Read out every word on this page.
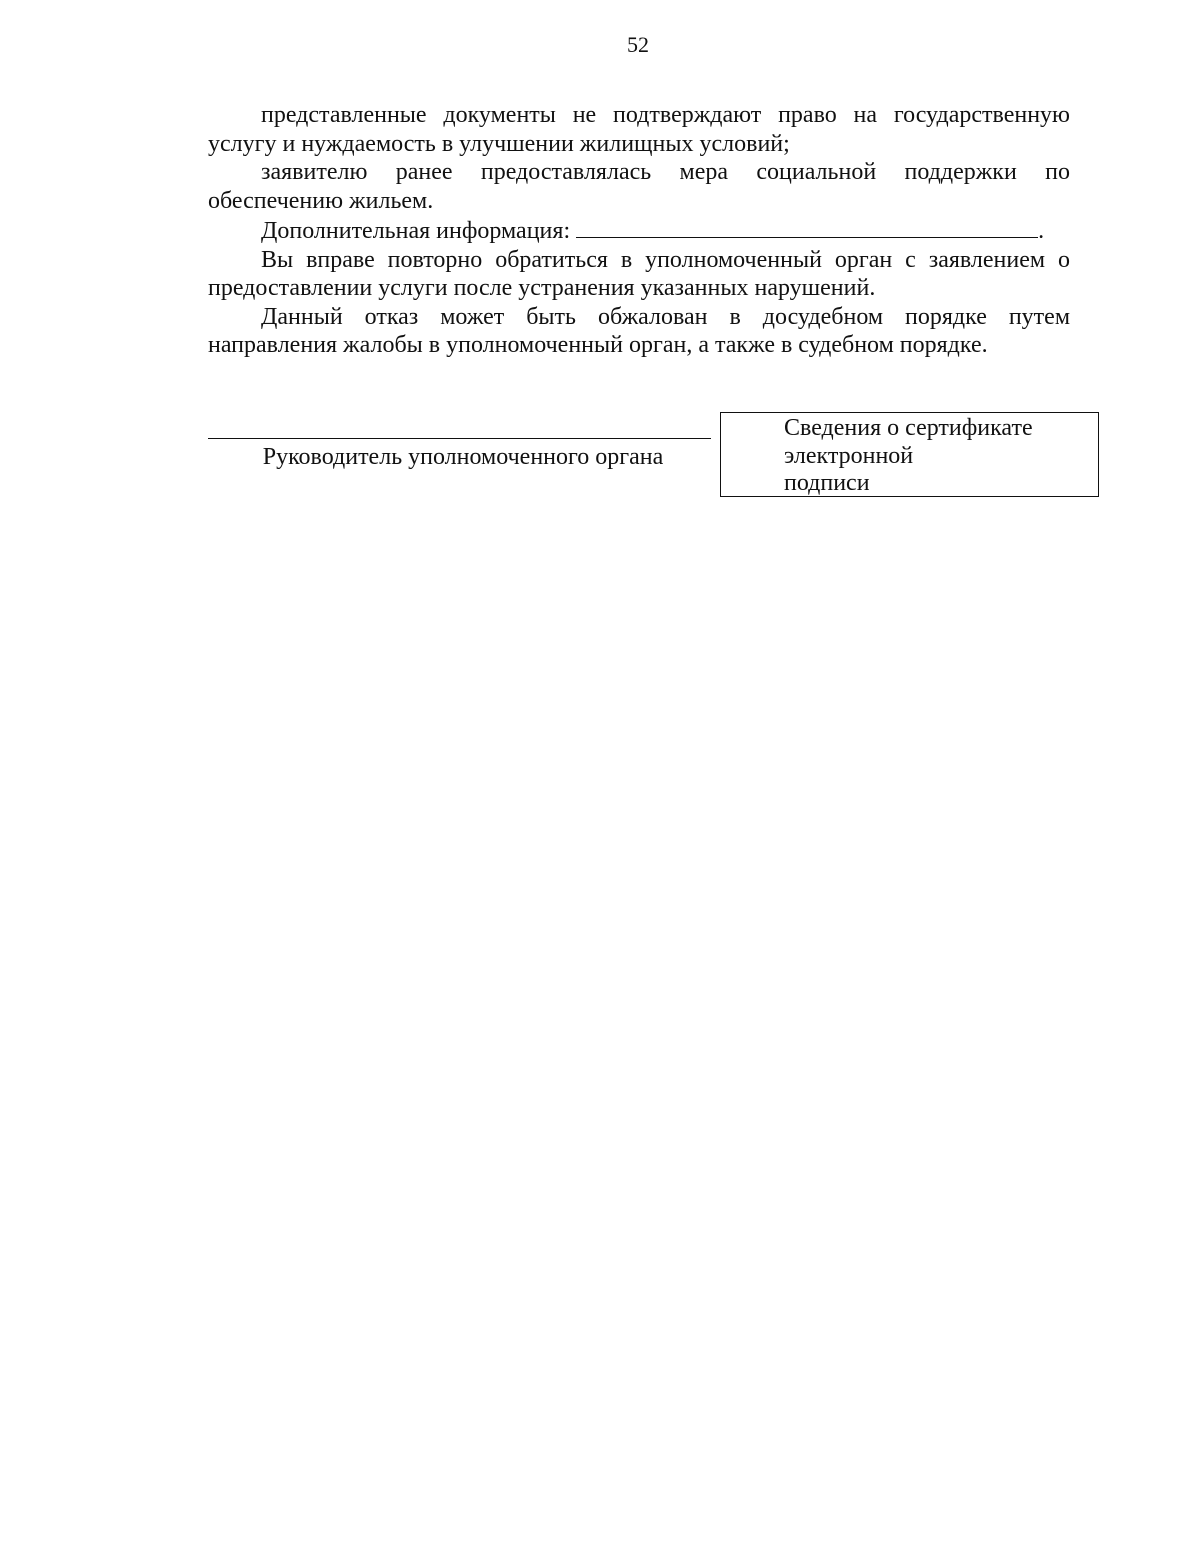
52

представленные документы не подтверждают право на государственную услугу и нуждаемость в улучшении жилищных условий;

заявителю ранее предоставлялась мера социальной поддержки по обеспечению жильем.

Дополнительная информация:	.

Вы вправе повторно обратиться в уполномоченный орган с заявлением о предоставлении услуги после устранения указанных нарушений.

Данный отказ может быть обжалован в досудебном порядке путем направления жалобы в уполномоченный орган, а также в судебном порядке.

Руководитель уполномоченного органа
Сведения о сертификате
электронной
подписи
